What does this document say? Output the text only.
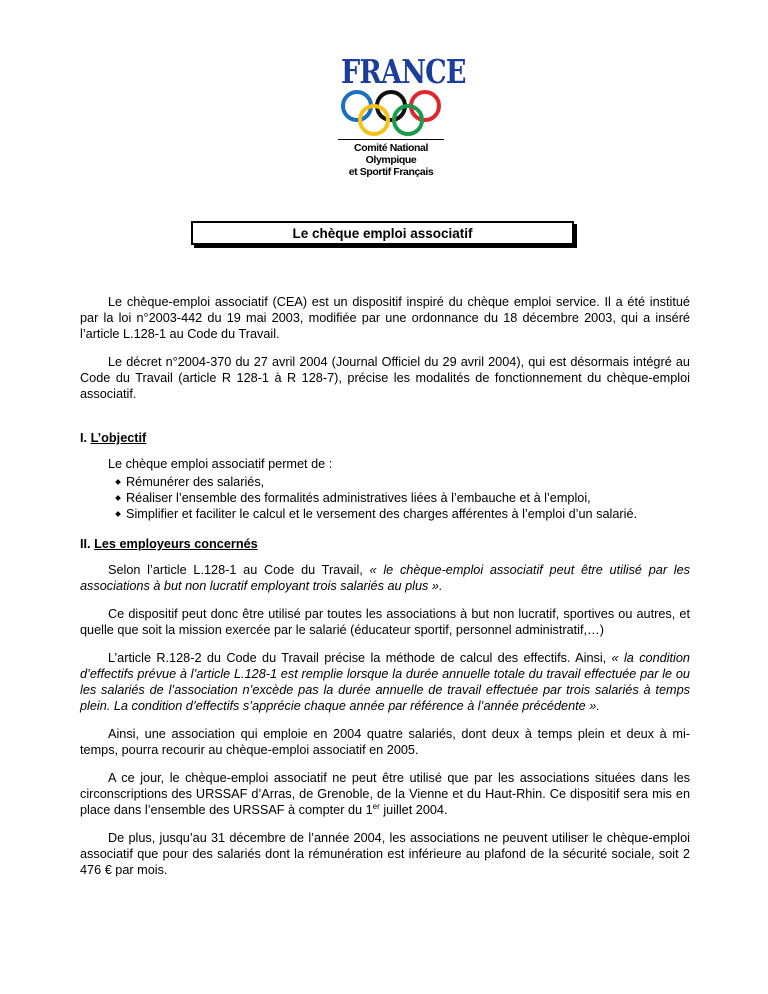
FRANCE
Comité National Olympique
et Sportif Français
Le chèque emploi associatif

Le chèque-emploi associatif (CEA) est un dispositif inspiré du chèque emploi service. Il a été institué par la loi n°2003-442 du 19 mai 2003, modifiée par une ordonnance du 18 décembre 2003, qui a inséré l’article L.128-1 au Code du Travail.

Le décret n°2004-370 du 27 avril 2004 (Journal Officiel du 29 avril 2004), qui est désormais intégré au Code du Travail (article R 128-1 à R 128-7), précise les modalités de fonctionnement du chèque-emploi associatif.

I. L’objectif

Le chèque emploi associatif permet de :

Rémunérer des salariés,
Réaliser l’ensemble des formalités administratives liées à l’embauche et à l’emploi,
Simplifier et faciliter le calcul et le versement des charges afférentes à l’emploi d’un salarié.
II. Les employeurs concernés

Selon l’article L.128-1 au Code du Travail, « le chèque-emploi associatif peut être utilisé par les associations à but non lucratif employant trois salariés au plus ».

Ce dispositif peut donc être utilisé par toutes les associations à but non lucratif, sportives ou autres, et quelle que soit la mission exercée par le salarié (éducateur sportif, personnel administratif,…)

L’article R.128-2 du Code du Travail précise la méthode de calcul des effectifs. Ainsi, « la condition d’effectifs prévue à l’article L.128-1 est remplie lorsque la durée annuelle totale du travail effectuée par le ou les salariés de l’association n’excède pas la durée annuelle de travail effectuée par trois salariés à temps plein. La condition d’effectifs s’apprécie chaque année par référence à l’année précédente ».

Ainsi, une association qui emploie en 2004 quatre salariés, dont deux à temps plein et deux à mi-temps, pourra recourir au chèque-emploi associatif en 2005.

A ce jour, le chèque-emploi associatif ne peut être utilisé que par les associations situées dans les circonscriptions des URSSAF d’Arras, de Grenoble, de la Vienne et du Haut-Rhin. Ce dispositif sera mis en place dans l’ensemble des URSSAF à compter du 1er juillet 2004.

De plus, jusqu’au 31 décembre de l’année 2004, les associations ne peuvent utiliser le chèque-emploi associatif que pour des salariés dont la rémunération est inférieure au plafond de la sécurité sociale, soit 2 476 € par mois.
